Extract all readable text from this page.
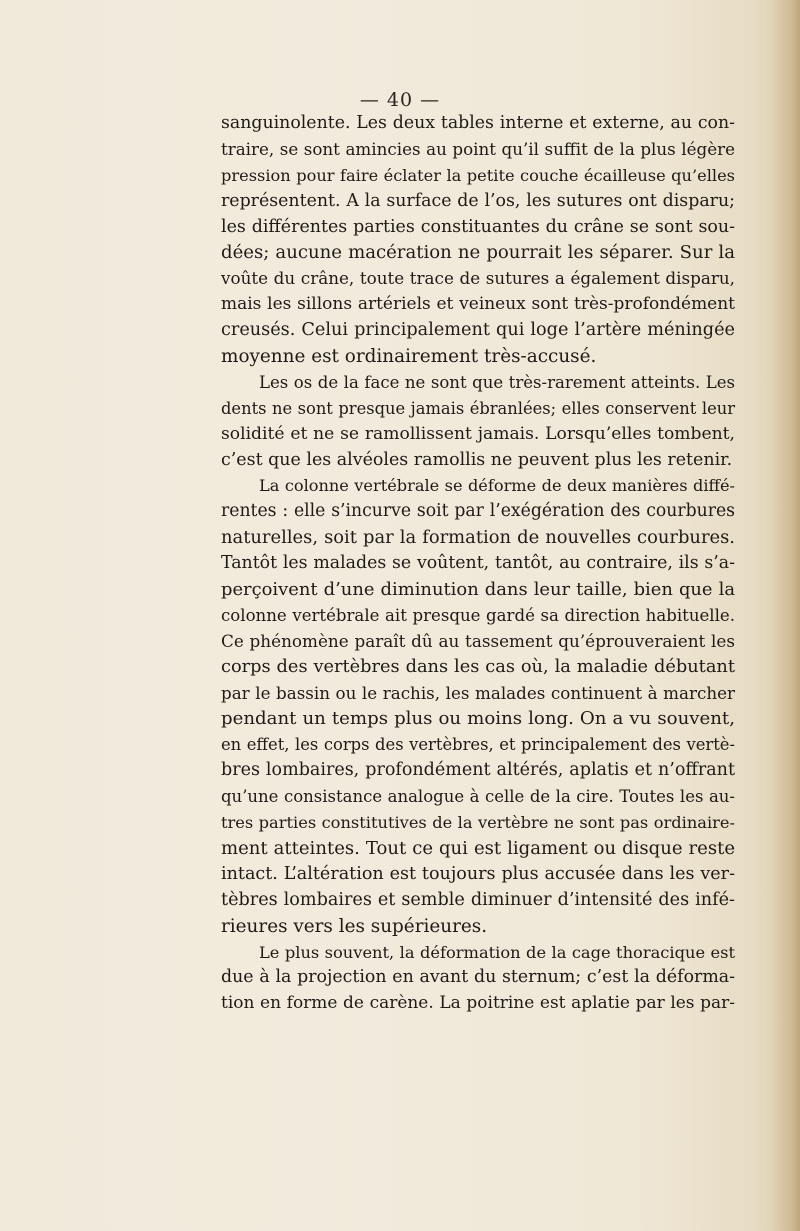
— 40 —
sanguinolente. Les deux tables interne et externe, au con-
traire, se sont amincies au point qu’il suffit de la plus légère
pression pour faire éclater la petite couche écailleuse qu’elles
représentent. A la surface de l’os, les sutures ont disparu;
les différentes parties constituantes du crâne se sont sou-
dées; aucune macération ne pourrait les séparer. Sur la
voûte du crâne, toute trace de sutures a également disparu,
mais les sillons artériels et veineux sont très-profondément
creusés. Celui principalement qui loge l’artère méningée
moyenne est ordinairement très-accusé.
Les os de la face ne sont que très-rarement atteints. Les
dents ne sont presque jamais ébranlées; elles conservent leur
solidité et ne se ramollissent jamais. Lorsqu’elles tombent,
c’est que les alvéoles ramollis ne peuvent plus les retenir.
La colonne vertébrale se déforme de deux manières diffé-
rentes : elle s’incurve soit par l’exégération des courbures
naturelles, soit par la formation de nouvelles courbures.
Tantôt les malades se voûtent, tantôt, au contraire, ils s’a-
perçoivent d’une diminution dans leur taille, bien que la
colonne vertébrale ait presque gardé sa direction habituelle.
Ce phénomène paraît dû au tassement qu’éprouveraient les
corps des vertèbres dans les cas où, la maladie débutant
par le bassin ou le rachis, les malades continuent à marcher
pendant un temps plus ou moins long. On a vu souvent,
en effet, les corps des vertèbres, et principalement des vertè-
bres lombaires, profondément altérés, aplatis et n’offrant
qu’une consistance analogue à celle de la cire. Toutes les au-
tres parties constitutives de la vertèbre ne sont pas ordinaire-
ment atteintes. Tout ce qui est ligament ou disque reste
intact. L’altération est toujours plus accusée dans les ver-
tèbres lombaires et semble diminuer d’intensité des infé-
rieures vers les supérieures.
Le plus souvent, la déformation de la cage thoracique est
due à la projection en avant du sternum; c’est la déforma-
tion en forme de carène. La poitrine est aplatie par les par-
